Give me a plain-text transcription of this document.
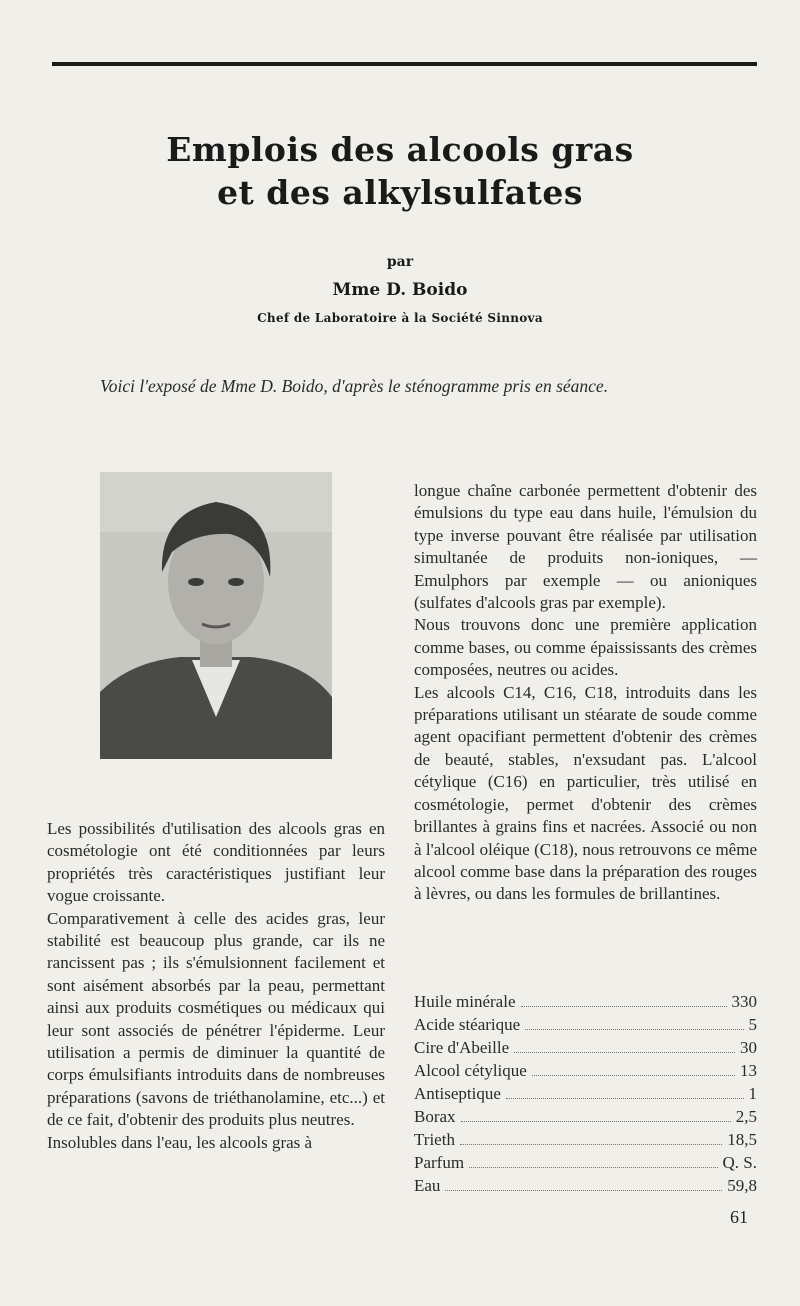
Emplois des alcools gras
et des alkylsulfates
par
Mme D. Boido
Chef de Laboratoire à la Société Sinnova
Voici l'exposé de Mme D. Boido, d'après le sténogramme pris en séance.

Les possibilités d'utilisation des alcools gras en cosmétologie ont été conditionnées par leurs propriétés très caractéristiques justifiant leur vogue croissante.

Comparativement à celle des acides gras, leur stabilité est beaucoup plus grande, car ils ne rancissent pas ; ils s'émulsionnent facilement et sont aisément absorbés par la peau, permettant ainsi aux produits cosmétiques ou médicaux qui leur sont associés de pénétrer l'épiderme. Leur utilisation a permis de diminuer la quantité de corps émulsifiants introduits dans de nombreuses préparations (savons de triéthanolamine, etc...) et de ce fait, d'obtenir des produits plus neutres.

Insolubles dans l'eau, les alcools gras à

longue chaîne carbonée permettent d'obtenir des émulsions du type eau dans huile, l'émulsion du type inverse pouvant être réalisée par utilisation simultanée de produits non-ioniques, — Emulphors par exemple — ou anioniques (sulfates d'alcools gras par exemple).

Nous trouvons donc une première application comme bases, ou comme épaississants des crèmes composées, neutres ou acides.

Les alcools C14, C16, C18, introduits dans les préparations utilisant un stéarate de soude comme agent opacifiant permettent d'obtenir des crèmes de beauté, stables, n'exsudant pas. L'alcool cétylique (C16) en particulier, très utilisé en cosmétologie, permet d'obtenir des crèmes brillantes à grains fins et nacrées. Associé ou non à l'alcool oléique (C18), nous retrouvons ce même alcool comme base dans la préparation des rouges à lèvres, ou dans les formules de brillantines.

Huile minérale	330
Acide stéarique	5
Cire d'Abeille	30
Alcool cétylique	13
Antiseptique	1
Borax	2,5
Trieth	18,5
Parfum	Q. S.
Eau	59,8
61
